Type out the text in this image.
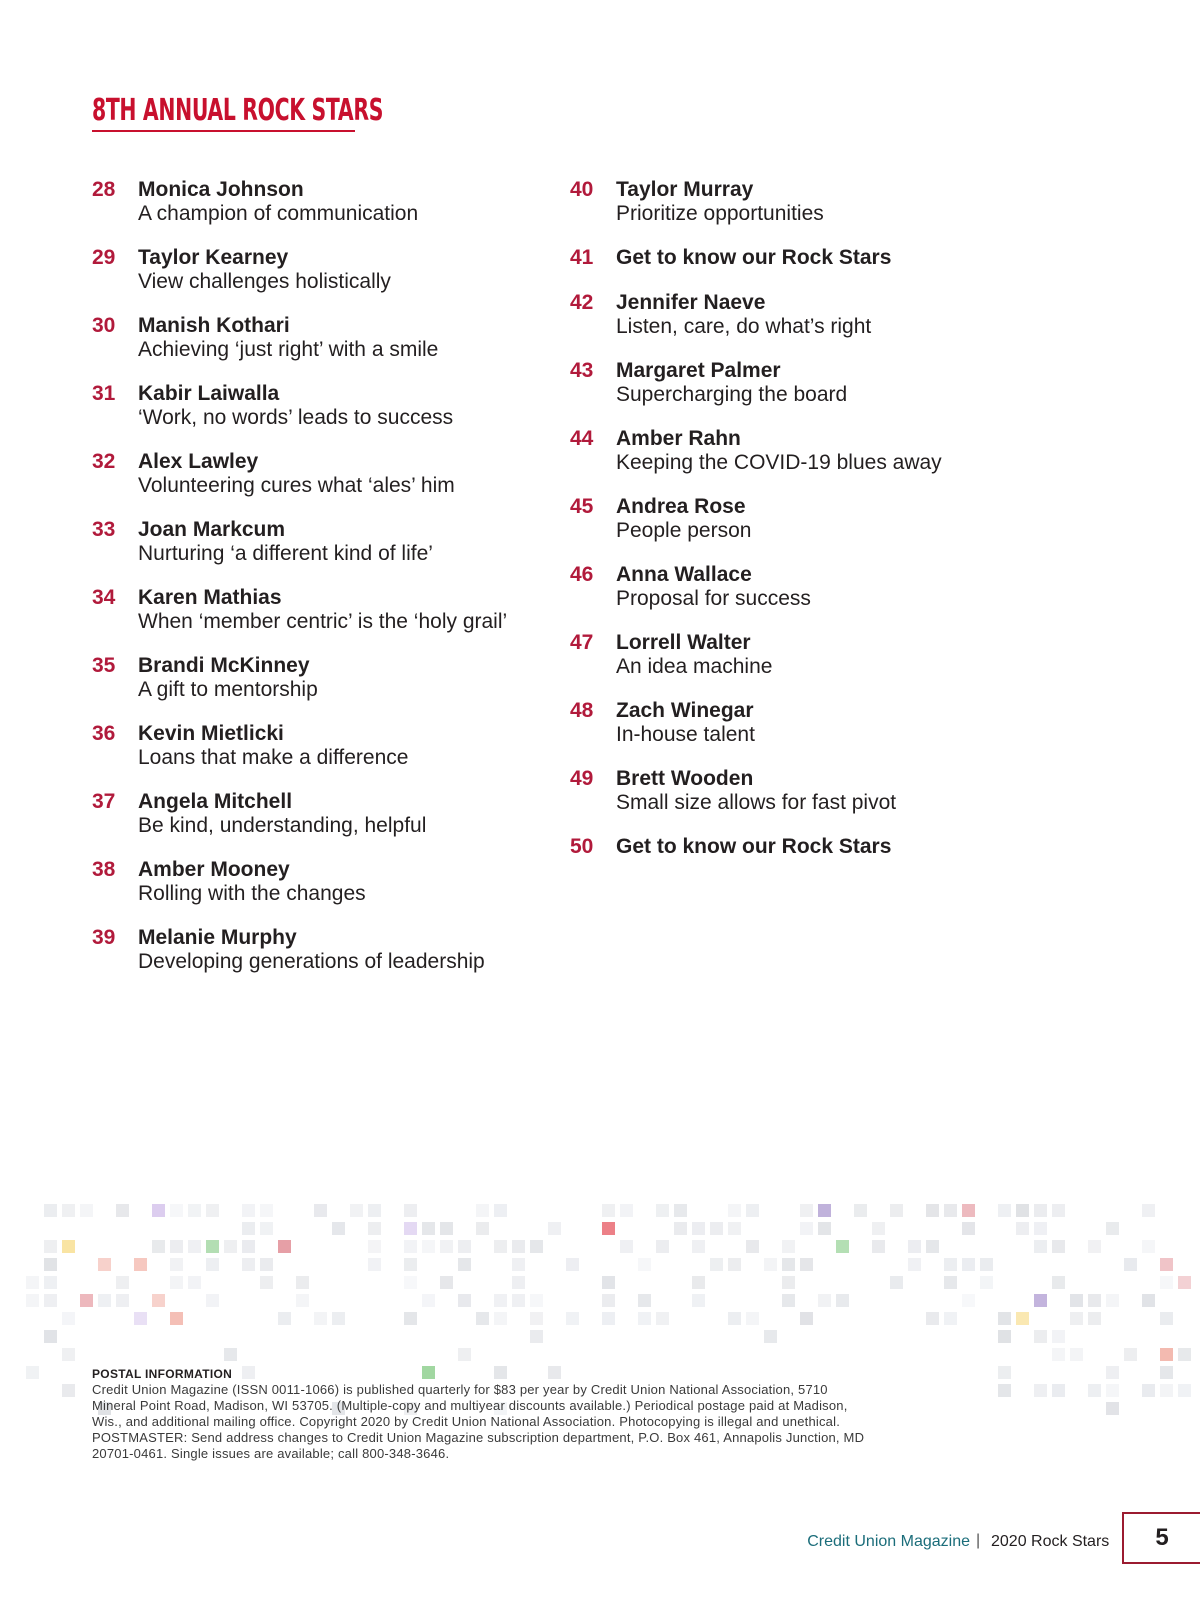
8TH ANNUAL ROCK STARS
28	Monica Johnson
A champion of communication
29	Taylor Kearney
View challenges holistically
30	Manish Kothari
Achieving ‘just right’ with a smile
31	Kabir Laiwalla
‘Work, no words’ leads to success
32	Alex Lawley
Volunteering cures what ‘ales’ him
33	Joan Markcum
Nurturing ‘a different kind of life’
34	Karen Mathias
When ‘member centric’ is the ‘holy grail’
35	Brandi McKinney
A gift to mentorship
36	Kevin Mietlicki
Loans that make a difference
37	Angela Mitchell
Be kind, understanding, helpful
38	Amber Mooney
Rolling with the changes
39	Melanie Murphy
Developing generations of leadership
40	Taylor Murray
Prioritize opportunities
41	Get to know our Rock Stars
42	Jennifer Naeve
Listen, care, do what’s right
43	Margaret Palmer
Supercharging the board
44	Amber Rahn
Keeping the COVID-19 blues away
45	Andrea Rose
People person
46	Anna Wallace
Proposal for success
47	Lorrell Walter
An idea machine
48	Zach Winegar
In-house talent
49	Brett Wooden
Small size allows for fast pivot
50	Get to know our Rock Stars
POSTAL INFORMATION
Credit Union Magazine (ISSN 0011-1066) is published quarterly for $83 per year by Credit Union National Association, 5710
Mineral Point Road, Madison, WI 53705. (Multiple-copy and multiyear discounts available.) Periodical postage paid at Madison,
Wis., and additional mailing office. Copyright 2020 by Credit Union National Association. Photocopying is illegal and unethical.
POSTMASTER: Send address changes to Credit Union Magazine subscription department, P.O. Box 461, Annapolis Junction, MD
20701-0461. Single issues are available; call 800-348-3646.
Credit Union Magazine | 2020 Rock Stars	5
